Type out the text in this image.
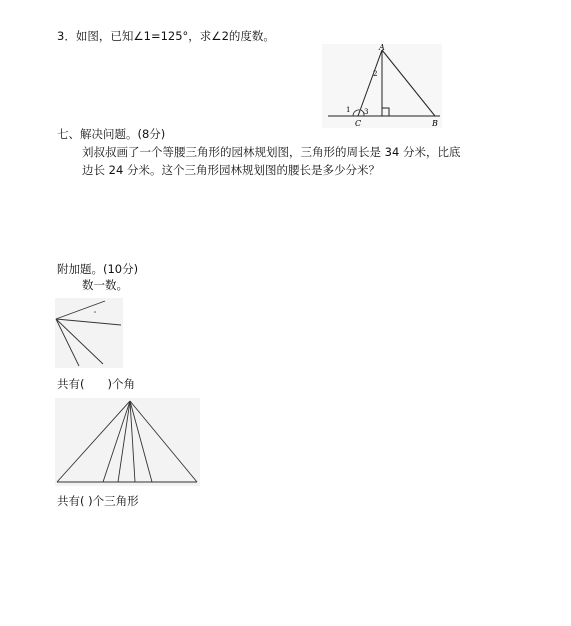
3．如图，已知∠1=125°，求∠2的度数。
A
B
C
1
2
3
七、解决问题。(8分)
刘叔叔画了一个等腰三角形的园林规划图，三角形的周长是 34 分米，比底
边长 24 分米。这个三角形园林规划图的腰长是多少分米？
附加题。(10分)
数一数。
共有(　　)个角
共有( )个三角形
